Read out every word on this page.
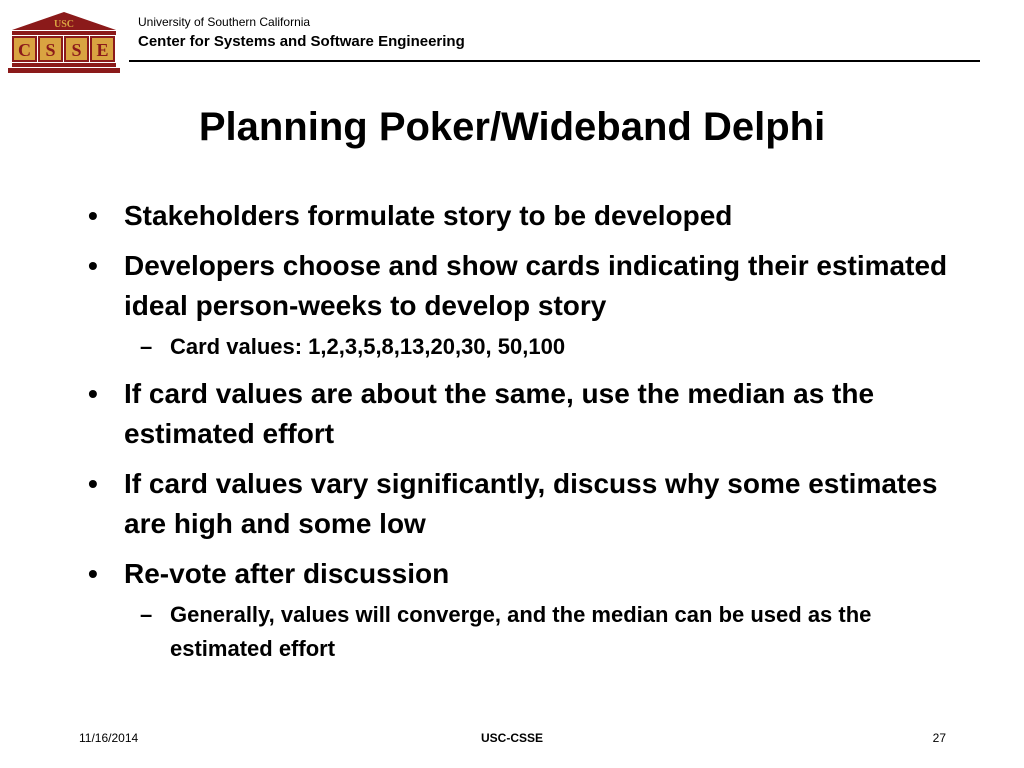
USC
C S S E
University of Southern California
Center for Systems and Software Engineering
Planning Poker/Wideband Delphi
• Stakeholders formulate story to be developed
• Developers choose and show cards indicating their estimated ideal person-weeks to develop story
– Card values: 1,2,3,5,8,13,20,30, 50,100
• If card values are about the same, use the median as the estimated effort
• If card values vary significantly, discuss why some estimates are high and some low
• Re-vote after discussion
– Generally, values will converge, and the median can be used as the estimated effort
11/16/2014	USC-CSSE	27
